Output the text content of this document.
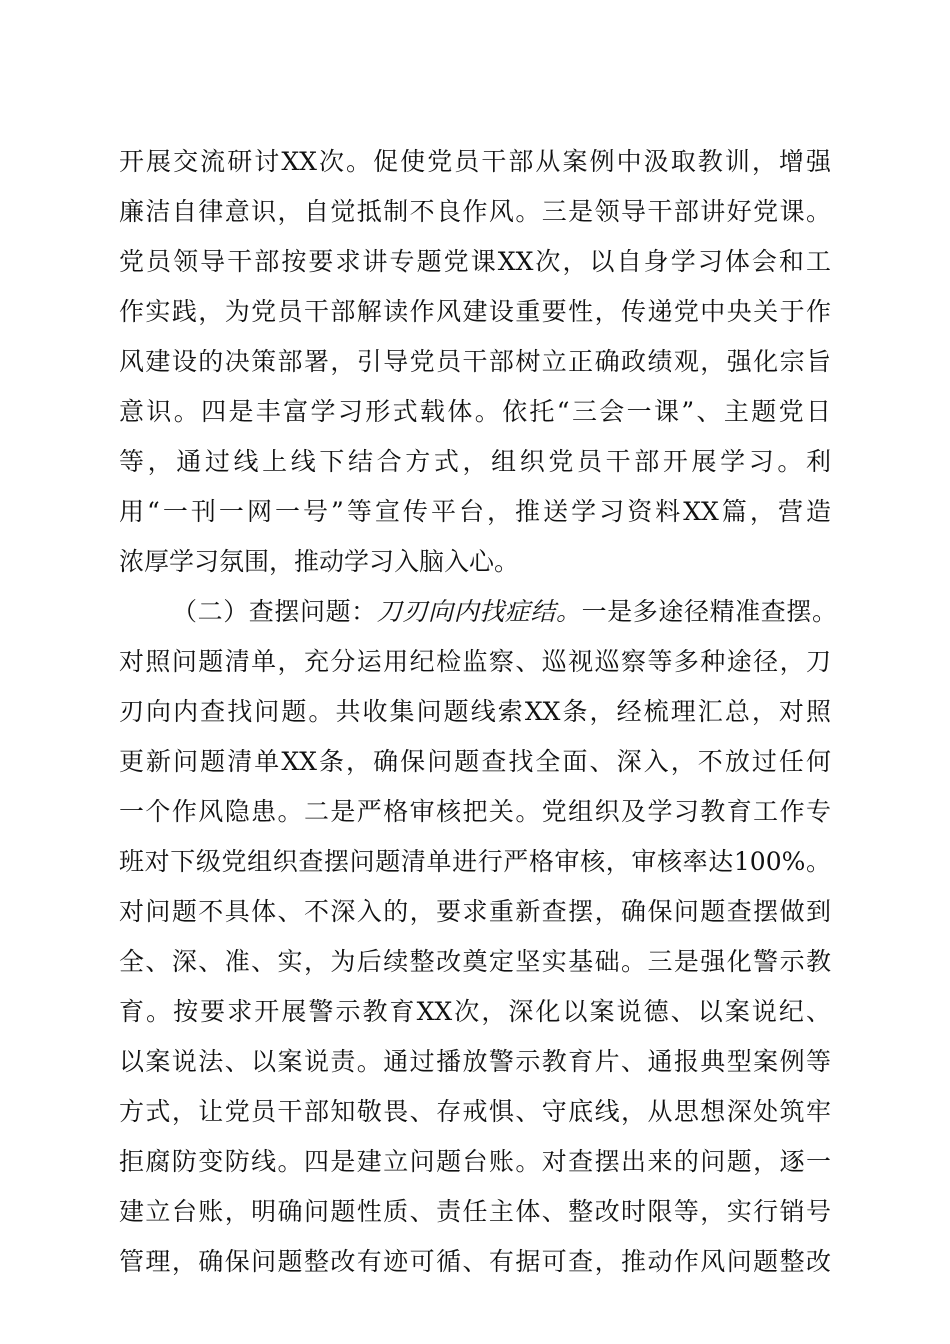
开展交流研讨XX次。促使党员干部从案例中汲取教训，增强
廉洁自律意识，自觉抵制不良作风。三是领导干部讲好党课。
党员领导干部按要求讲专题党课XX次，以自身学习体会和工
作实践，为党员干部解读作风建设重要性，传递党中央关于作
风建设的决策部署，引导党员干部树立正确政绩观，强化宗旨
意识。四是丰富学习形式载体。依托“三会一课”、主题党日
等，通过线上线下结合方式，组织党员干部开展学习。利
用“一刊一网一号”等宣传平台，推送学习资料XX篇，营造
浓厚学习氛围，推动学习入脑入心。
（二）查摆问题：刀刃向内找症结。一是多途径精准查摆。
对照问题清单，充分运用纪检监察、巡视巡察等多种途径，刀
刃向内查找问题。共收集问题线索XX条，经梳理汇总，对照
更新问题清单XX条，确保问题查找全面、深入，不放过任何
一个作风隐患。二是严格审核把关。党组织及学习教育工作专
班对下级党组织查摆问题清单进行严格审核，审核率达100%。
对问题不具体、不深入的，要求重新查摆，确保问题查摆做到
全、深、准、实，为后续整改奠定坚实基础。三是强化警示教
育。按要求开展警示教育XX次，深化以案说德、以案说纪、
以案说法、以案说责。通过播放警示教育片、通报典型案例等
方式，让党员干部知敬畏、存戒惧、守底线，从思想深处筑牢
拒腐防变防线。四是建立问题台账。对查摆出来的问题，逐一
建立台账，明确问题性质、责任主体、整改时限等，实行销号
管理，确保问题整改有迹可循、有据可查，推动作风问题整改
